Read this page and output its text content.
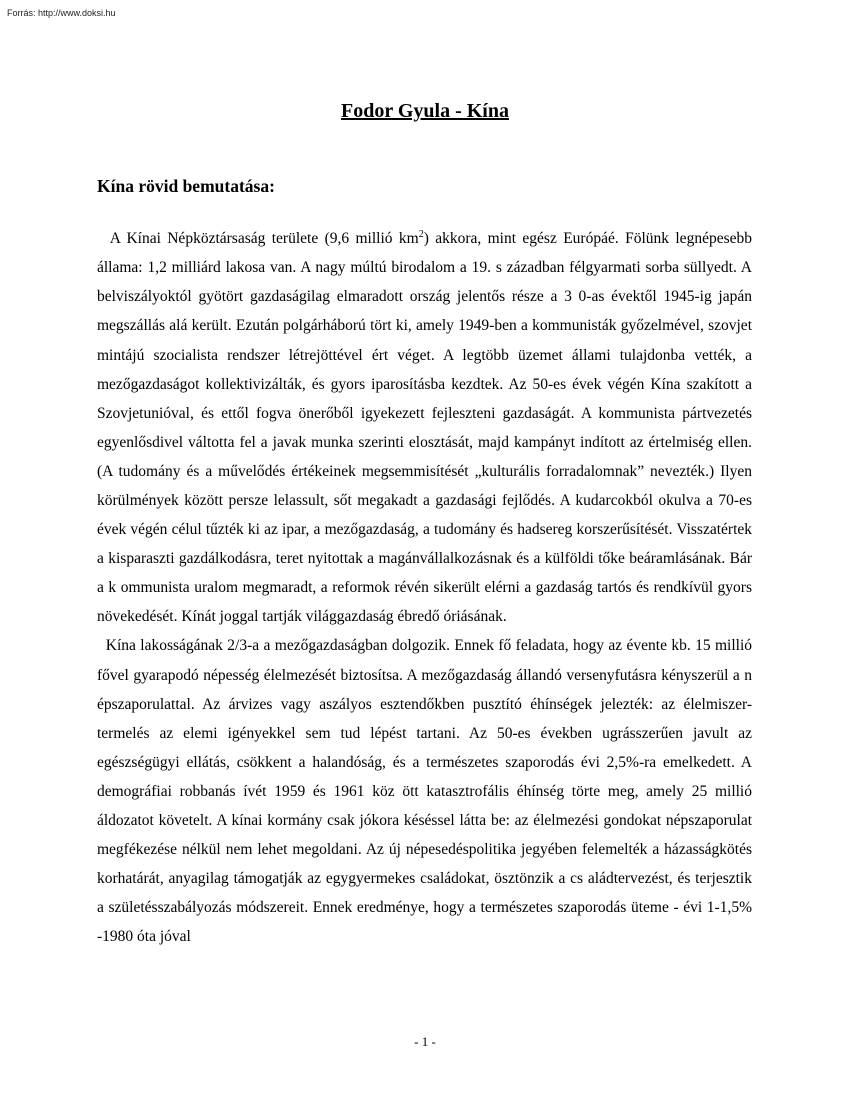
Forrás: http://www.doksi.hu
Fodor Gyula - Kína
Kína rövid bemutatása:

A Kínai Népköztársaság területe (9,6 millió $km^2$) akkora, mint egész Európáé. Fölünk legnépesebb állama: 1,2 milliárd lakosa van. A nagy múltú birodalom a 19. s zázadban félgyarmati sorba süllyedt. A belviszályoktól gyötört gazdaságilag elmaradott ország jelentős része a 3 0-as évektől 1945-ig japán megszállás alá került. Ezután polgárháború tört ki, amely 1949-ben a kommunisták győzelmével, szovjet mintájú szocialista rendszer létrejöttével ért véget. A legtöbb üzemet állami tulajdonba vették, a mezőgazdaságot kollektivizálták, és gyors iparosításba kezdtek. Az 50-es évek végén Kína szakított a Szovjetunióval, és ettől fogva önerőből igyekezett fejleszteni gazdaságát. A kommunista pártvezetés egyenlősdivel váltotta fel a javak munka szerinti elosztását, majd kampányt indított az értelmiség ellen. (A tudomány és a művelődés értékeinek megsemmisítését „kulturális forradalomnak” nevezték.) Ilyen körülmények között persze lelassult, sőt megakadt a gazdasági fejlődés. A kudarcokból okulva a 70-es évek végén célul tűzték ki az ipar, a mezőgazdaság, a tudomány és hadsereg korszerűsítését. Visszatértek a kisparaszti gazdálkodásra, teret nyitottak a magánvállalkozásnak és a külföldi tőke beáramlásának. Bár a k ommunista uralom megmaradt, a reformok révén sikerült elérni a gazdaság tartós és rendkívül gyors növekedését. Kínát joggal tartják világgazdaság ébredő óriásának.

Kína lakosságának 2/3-a a mezőgazdaságban dolgozik. Ennek fő feladata, hogy az évente kb. 15 millió fővel gyarapodó népesség élelmezését biztosítsa. A mezőgazdaság állandó versenyfutásra kényszerül a n épszaporulattal. Az árvizes vagy aszályos esztendőkben pusztító éhínségek jelezték: az élelmiszer-termelés az elemi igényekkel sem tud lépést tartani. Az 50-es években ugrásszerűen javult az egészségügyi ellátás, csökkent a halandóság, és a természetes szaporodás évi 2,5%-ra emelkedett. A demográfiai robbanás ívét 1959 és 1961 köz ött katasztrofális éhínség törte meg, amely 25 millió áldozatot követelt. A kínai kormány csak jókora késéssel látta be: az élelmezési gondokat népszaporulat megfékezése nélkül nem lehet megoldani. Az új népesedéspolitika jegyében felemelték a házasságkötés korhatárát, anyagilag támogatják az egygyermekes családokat, ösztönzik a cs aládtervezést, és terjesztik a születésszabályozás módszereit. Ennek eredménye, hogy a természetes szaporodás üteme - évi 1-1,5% -1980 óta jóval

- 1 -
